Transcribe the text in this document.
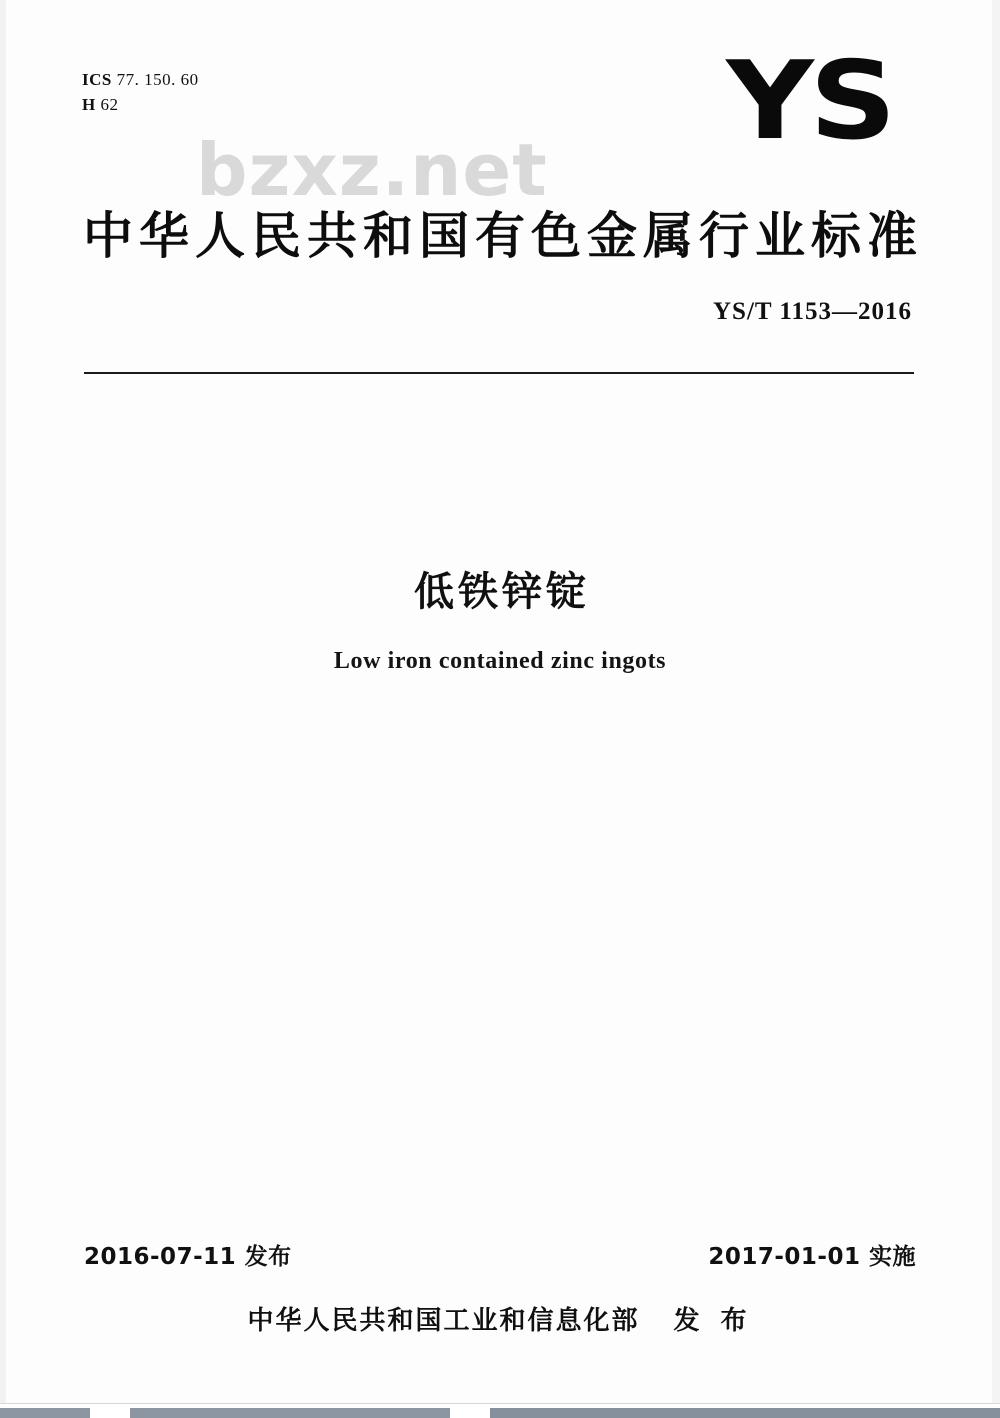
ICS 77. 150. 60
H 62	YS
bzxz.net
中华人民共和国有色金属行业标准
YS/T 1153—2016
低铁锌锭
Low iron contained zinc ingots
2016-07-11 发布	2017-01-01 实施
中华人民共和国工业和信息化部 发 布
